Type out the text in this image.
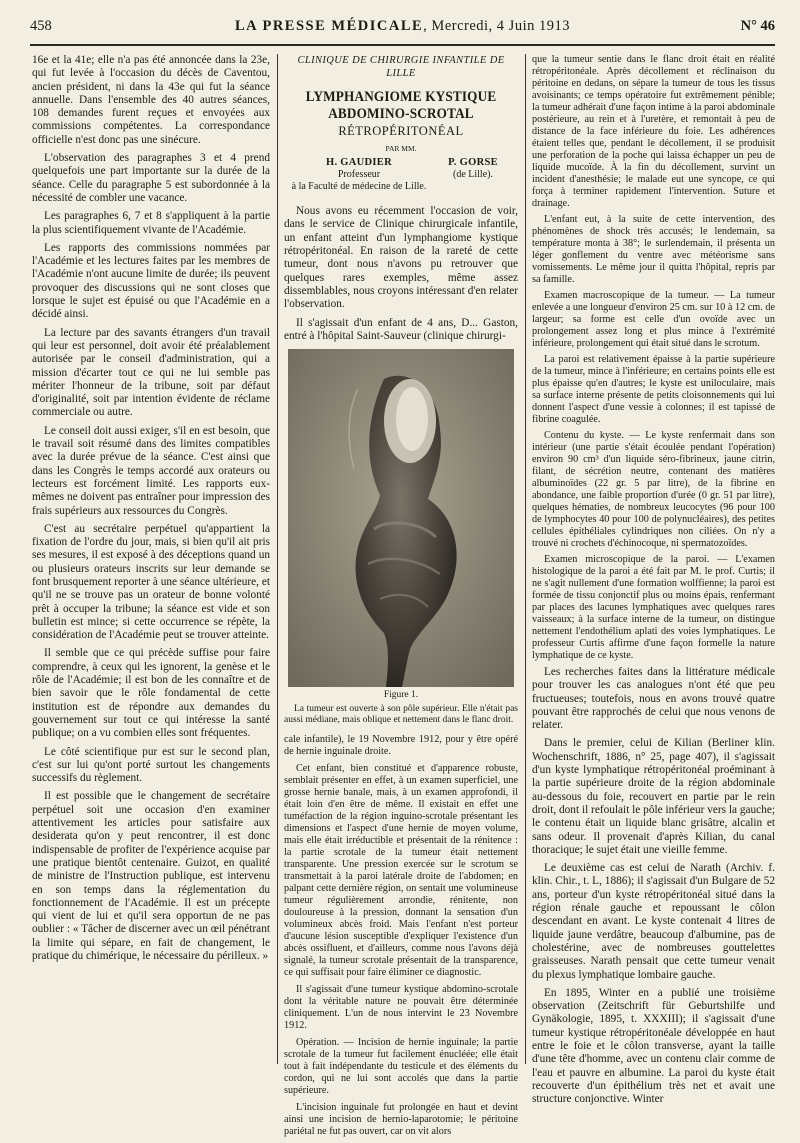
458	LA PRESSE MÉDICALE, Mercredi, 4 Juin 1913	N° 46

16e et la 41e; elle n'a pas été annoncée dans la 23e, qui fut levée à l'occasion du décès de Caventou, ancien président, ni dans la 43e qui fut la séance annuelle. Dans l'ensemble des 40 autres séances, 108 demandes furent reçues et envoyées aux commissions compétentes. La correspondance officielle n'est donc pas une sinécure.

L'observation des paragraphes 3 et 4 prend quelquefois une part importante sur la durée de la séance. Celle du paragraphe 5 est subordonnée à la nécessité de combler une vacance.

Les paragraphes 6, 7 et 8 s'appliquent à la partie la plus scientifiquement vivante de l'Académie.

Les rapports des commissions nommées par l'Académie et les lectures faites par les membres de l'Académie n'ont aucune limite de durée; ils peuvent provoquer des discussions qui ne sont closes que lorsque le sujet est épuisé ou que l'Académie en a décidé ainsi.

La lecture par des savants étrangers d'un travail qui leur est personnel, doit avoir été préalablement autorisée par le conseil d'administration, qui a mission d'écarter tout ce qui ne lui semble pas mériter l'honneur de la tribune, soit par défaut d'originalité, soit par intention évidente de réclame commerciale ou autre.

Le conseil doit aussi exiger, s'il en est besoin, que le travail soit résumé dans des limites compatibles avec la durée prévue de la séance. C'est ainsi que dans les Congrès le temps accordé aux orateurs ou lecteurs est forcément limité. Les rapports eux-mêmes ne doivent pas entraîner pour impression des frais supérieurs aux ressources du Congrès.

C'est au secrétaire perpétuel qu'appartient la fixation de l'ordre du jour, mais, si bien qu'il ait pris ses mesures, il est exposé à des déceptions quand un ou plusieurs orateurs inscrits sur leur demande se font brusquement reporter à une séance ultérieure, et qu'il ne se trouve pas un orateur de bonne volonté prêt à occuper la tribune; la séance est vide et son bulletin est mince; si cette occurrence se répète, la considération de l'Académie peut se trouver atteinte.

Il semble que ce qui précède suffise pour faire comprendre, à ceux qui les ignorent, la genèse et le rôle de l'Académie; il est bon de les connaître et de bien savoir que le rôle fondamental de cette institution est de répondre aux demandes du gouvernement sur tout ce qui intéresse la santé publique; on a vu combien elles sont fréquentes.

Le côté scientifique pur est sur le second plan, c'est sur lui qu'ont porté surtout les changements successifs du règlement.

Il est possible que le changement de secrétaire perpétuel soit une occasion d'en examiner attentivement les articles pour satisfaire aux desiderata qu'on y peut rencontrer, il est donc indispensable de profiter de l'expérience acquise par une pratique bientôt centenaire. Guizot, en qualité de ministre de l'Instruction publique, est intervenu en son temps dans la réglementation du fonctionnement de l'Académie. Il est un précepte qui vient de lui et qu'il sera opportun de ne pas oublier : « Tâcher de discerner avec un œil pénétrant la limite qui sépare, en fait de changement, le pratique du chimérique, le nécessaire du périlleux. »

CLINIQUE DE CHIRURGIE INFANTILE DE LILLE
LYMPHANGIOME KYSTIQUE ABDOMINO-SCROTAL
RÉTROPÉRITONÉAL
PAR MM.
H. GAUDIER
Professeur
à la Faculté de médecine de Lille.
P. GORSE
(de Lille).

Nous avons eu récemment l'occasion de voir, dans le service de Clinique chirurgicale infantile, un enfant atteint d'un lymphangiome kystique rétropéritonéal. En raison de la rareté de cette tumeur, dont nous n'avons pu retrouver que quelques rares exemples, même assez dissemblables, nous croyons intéressant d'en relater l'observation.

Il s'agissait d'un enfant de 4 ans, D... Gaston, entré à l'hôpital Saint-Sauveur (clinique chirurgi-

Figure 1.
La tumeur est ouverte à son pôle supérieur. Elle n'était pas aussi médiane, mais oblique et nettement dans le flanc droit.

cale infantile), le 19 Novembre 1912, pour y être opéré de hernie inguinale droite.

Cet enfant, bien constitué et d'apparence robuste, semblait présenter en effet, à un examen superficiel, une grosse hernie banale, mais, à un examen approfondi, il était loin d'en être de même. Il existait en effet une tuméfaction de la région inguino-scrotale présentant les dimensions et l'aspect d'une hernie de moyen volume, mais elle était irréductible et présentait de la rénitence : la partie scrotale de la tumeur était nettement transparente. Une pression exercée sur le scrotum se transmettait à la paroi latérale droite de l'abdomen; en palpant cette dernière région, on sentait une volumineuse tumeur régulièrement arrondie, rénitente, non douloureuse à la pression, donnant la sensation d'un volumineux abcès froid. Mais l'enfant n'est porteur d'aucune lésion susceptible d'expliquer l'existence d'un abcès ossifluent, et d'ailleurs, comme nous l'avons déjà signalé, la tumeur scrotale présentait de la transparence, ce qui suffisait pour faire éliminer ce diagnostic.

Il s'agissait d'une tumeur kystique abdomino-scrotale dont la véritable nature ne pouvait être déterminée cliniquement. L'un de nous intervint le 23 Novembre 1912.

Opération. — Incision de hernie inguinale; la partie scrotale de la tumeur fut facilement énucléée; elle était tout à fait indépendante du testicule et des éléments du cordon, qui ne lui sont accolés que dans la partie supérieure.

L'incision inguinale fut prolongée en haut et devint ainsi une incision de hernio-laparotomie; le péritoine pariétal ne fut pas ouvert, car on vit alors

que la tumeur sentie dans le flanc droit était en réalité rétropéritonéale. Après décollement et réclinaison du péritoine en dedans, on sépare la tumeur de tous les tissus avoisinants; ce temps opératoire fut extrêmement pénible; la tumeur adhérait d'une façon intime à la paroi abdominale postérieure, au rein et à l'uretère, et remontait à peu de distance de la face inférieure du foie. Les adhérences étaient telles que, pendant le décollement, il se produisit une perforation de la poche qui laissa échapper un peu de liquide mucoïde. À la fin du décollement, survint un incident d'anesthésie; le malade eut une syncope, ce qui força à terminer rapidement l'intervention. Suture et drainage.

L'enfant eut, à la suite de cette intervention, des phénomènes de shock très accusés; le lendemain, sa température monta à 38°; le surlendemain, il présenta un léger gonflement du ventre avec météorisme sans vomissements. Le même jour il quitta l'hôpital, repris par sa famille.

Examen macroscopique de la tumeur. — La tumeur enlevée a une longueur d'environ 25 cm. sur 10 à 12 cm. de largeur; sa forme est celle d'un ovoïde avec un prolongement assez long et plus mince à l'extrémité inférieure, prolongement qui était situé dans le scrotum.

La paroi est relativement épaisse à la partie supérieure de la tumeur, mince à l'inférieure; en certains points elle est plus épaisse qu'en d'autres; le kyste est uniloculaire, mais sa surface interne présente de petits cloisonnements qui lui donnent l'aspect d'une vessie à colonnes; il est tapissé de fibrine coagulée.

Contenu du kyste. — Le kyste renfermait dans son intérieur (une partie s'était écoulée pendant l'opération) environ 90 cm³ d'un liquide séro-fibrineux, jaune citrin, filant, de sécrétion neutre, contenant des matières albuminoïdes (22 gr. 5 par litre), de la fibrine en abondance, une faible proportion d'urée (0 gr. 51 par litre), quelques hématies, de nombreux leucocytes (96 pour 100 de lymphocytes 40 pour 100 de polynucléaires), des petites cellules épithéliales cylindriques non ciliées. On n'y a trouvé ni crochets d'échinocoque, ni spermatozoïdes.

Examen microscopique de la paroi. — L'examen histologique de la paroi a été fait par M. le prof. Curtis; il ne s'agit nullement d'une formation wolffienne; la paroi est formée de tissu conjonctif plus ou moins épais, renfermant par places des lacunes lymphatiques avec quelques rares vaisseaux; à la surface interne de la tumeur, on distingue nettement l'endothélium aplati des voies lymphatiques. Le professeur Curtis affirme d'une façon formelle la nature lymphatique de ce kyste.

Les recherches faites dans la littérature médicale pour trouver les cas analogues n'ont été que peu fructueuses; toutefois, nous en avons trouvé quatre pouvant être rapprochés de celui que nous venons de relater.

Dans le premier, celui de Kilian (Berliner klin. Wochenschrift, 1886, n° 25, page 407), il s'agissait d'un kyste lymphatique rétropéritonéal proéminant à la partie supérieure droite de la région abdominale au-dessous du foie, recouvert en partie par le rein droit, dont il refoulait le pôle inférieur vers la gauche; le contenu était un liquide blanc grisâtre, alcalin et sans odeur. Il provenait d'après Kilian, du canal thoracique; le sujet était une vieille femme.

Le deuxième cas est celui de Narath (Archiv. f. klin. Chir., t. L, 1886); il s'agissait d'un Bulgare de 52 ans, porteur d'un kyste rétropéritonéal situé dans la région rénale gauche et repoussant le côlon descendant en avant. Le kyste contenait 4 litres de liquide jaune verdâtre, beaucoup d'albumine, pas de cholestérine, avec de nombreuses gouttelettes graisseuses. Narath pensait que cette tumeur venait du plexus lymphatique lombaire gauche.

En 1895, Winter en a publié une troisième observation (Zeitschrift für Geburtshilfe und Gynäkologie, 1895, t. XXXIII); il s'agissait d'une tumeur kystique rétropéritonéale développée en haut entre le foie et le côlon transverse, ayant la taille d'une tête d'homme, avec un contenu clair comme de l'eau et pauvre en albumine. La paroi du kyste était recouverte d'un épithélium très net et avait une structure conjonctive. Winter
